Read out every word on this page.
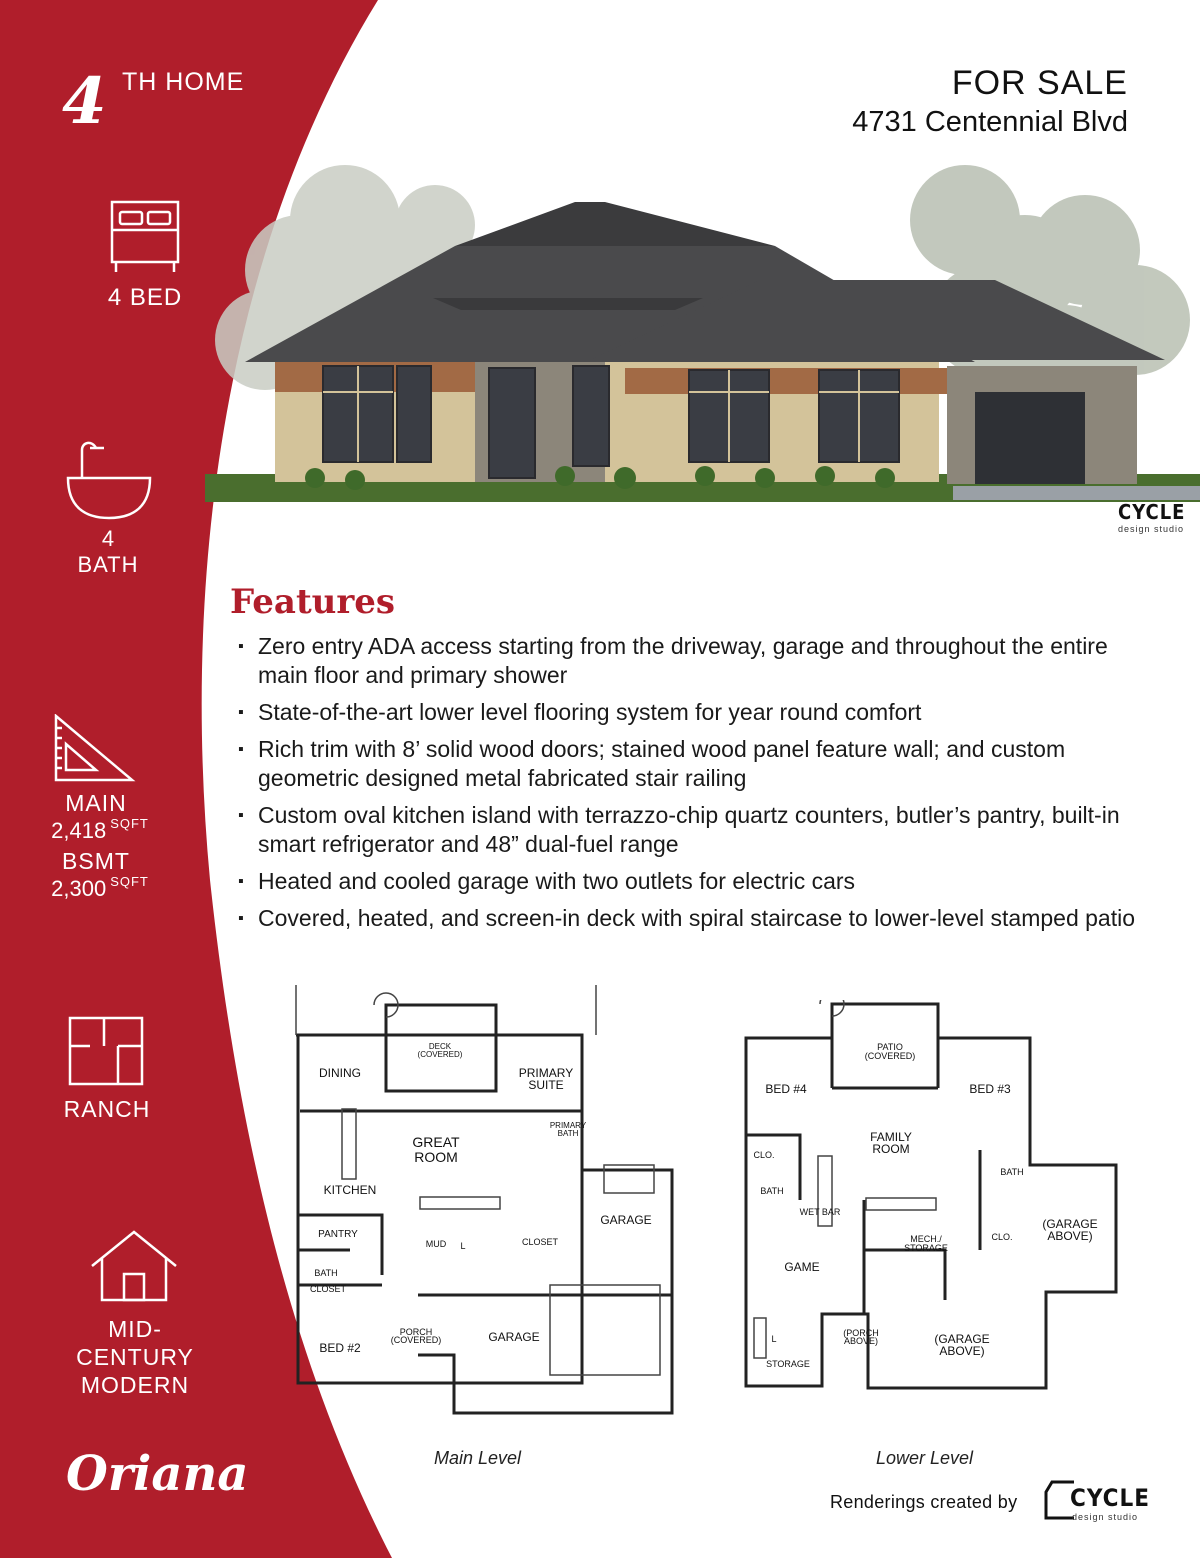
4 TH HOME
4 BED
4
BATH
MAIN
2,418 $^{SQFT}$
BSMT
2,300 $^{SQFT}$
RANCH
MID-
CENTURY
MODERN
Oriana
FOR SALE
4731 Centennial Blvd
CYCLE
design studio
Features
▪ Zero entry ADA access starting from the driveway, garage and throughout the entire main floor and primary shower
▪ State-of-the-art lower level flooring system for year round comfort
▪ Rich trim with 8’ solid wood doors; stained wood panel feature wall; and custom geometric designed metal fabricated stair railing
▪ Custom oval kitchen island with terrazzo-chip quartz counters, butler’s pantry, built-in smart refrigerator and 48” dual-fuel range
▪ Heated and cooled garage with two outlets for electric cars
▪ Covered, heated, and screen-in deck with spiral staircase to lower-level stamped patio
DECK
(COVERED)
DINING	PRIMARY
SUITE
PRIMARY
BATH
GREAT
ROOM
KITCHEN
GARAGE
PANTRY
MUD L	CLOSET
BATH
CLOSET
PORCH
(COVERED)	GARAGE
BED #2
Main Level
PATIO
(COVERED)
BED #4	BED #3
FAMILY
ROOM
CLO.
BATH
BATH
WET BAR
(GARAGE
ABOVE)
CLO.
MECH./
STORAGE
GAME
(PORCH
ABOVE)	(GARAGE
ABOVE)
L
STORAGE
Lower Level
Renderings created by CYCLE
design studio
